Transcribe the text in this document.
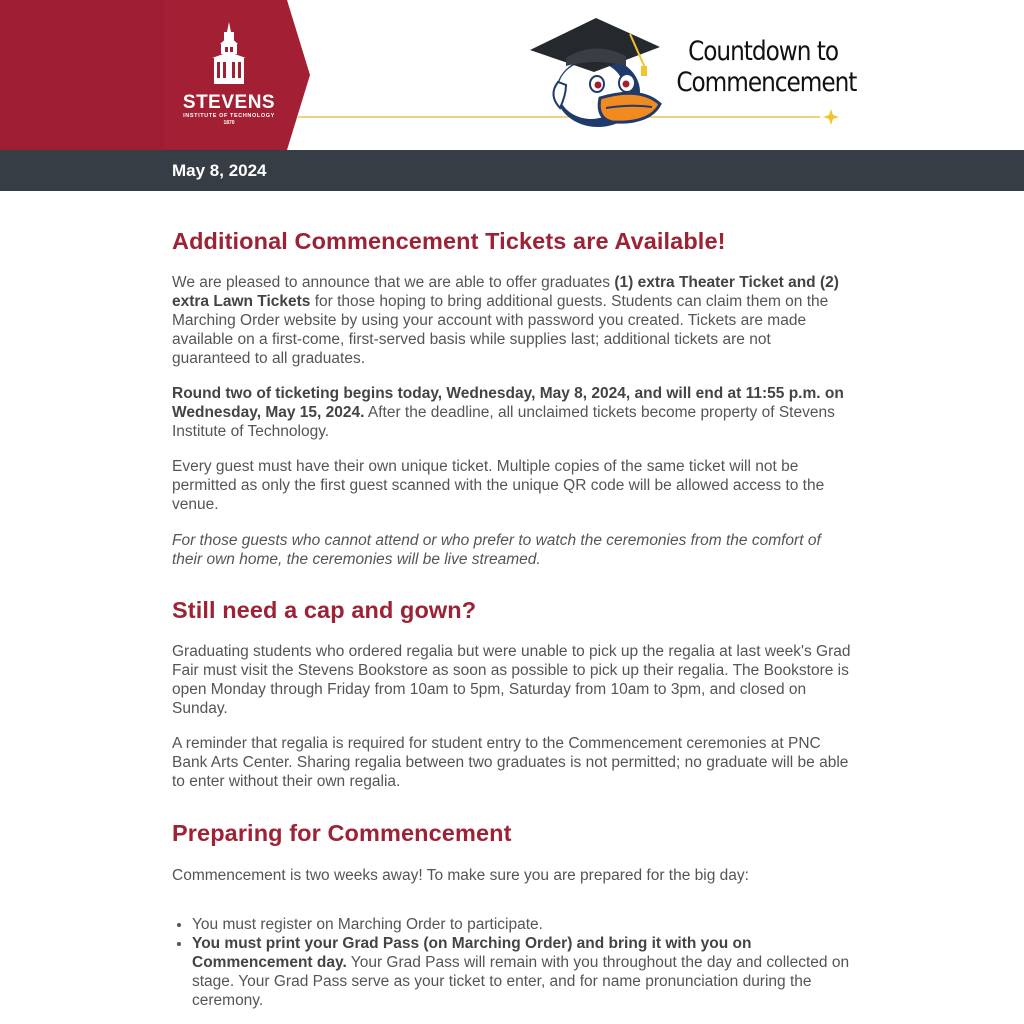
STEVENS
INSTITUTE OF TECHNOLOGY
1870
Countdown to
Commencement
May 8, 2024
Additional Commencement Tickets are Available!

We are pleased to announce that we are able to offer graduates (1) extra Theater Ticket and (2) extra Lawn Tickets for those hoping to bring additional guests. Students can claim them on the Marching Order website by using your account with password you created. Tickets are made available on a first-come, first-served basis while supplies last; additional tickets are not guaranteed to all graduates.

Round two of ticketing begins today, Wednesday, May 8, 2024, and will end at 11:55 p.m. on Wednesday, May 15, 2024. After the deadline, all unclaimed tickets become property of Stevens Institute of Technology.

Every guest must have their own unique ticket. Multiple copies of the same ticket will not be permitted as only the first guest scanned with the unique QR code will be allowed access to the venue.

For those guests who cannot attend or who prefer to watch the ceremonies from the comfort of their own home, the ceremonies will be live streamed.

Still need a cap and gown?

Graduating students who ordered regalia but were unable to pick up the regalia at last week's Grad Fair must visit the Stevens Bookstore as soon as possible to pick up their regalia. The Bookstore is open Monday through Friday from 10am to 5pm, Saturday from 10am to 3pm, and closed on Sunday.

A reminder that regalia is required for student entry to the Commencement ceremonies at PNC Bank Arts Center. Sharing regalia between two graduates is not permitted; no graduate will be able to enter without their own regalia.

Preparing for Commencement

Commencement is two weeks away! To make sure you are prepared for the big day:

• You must register on Marching Order to participate.
• You must print your Grad Pass (on Marching Order) and bring it with you on Commencement day. Your Grad Pass will remain with you throughout the day and collected on stage. Your Grad Pass serve as your ticket to enter, and for name pronunciation during the ceremony.
